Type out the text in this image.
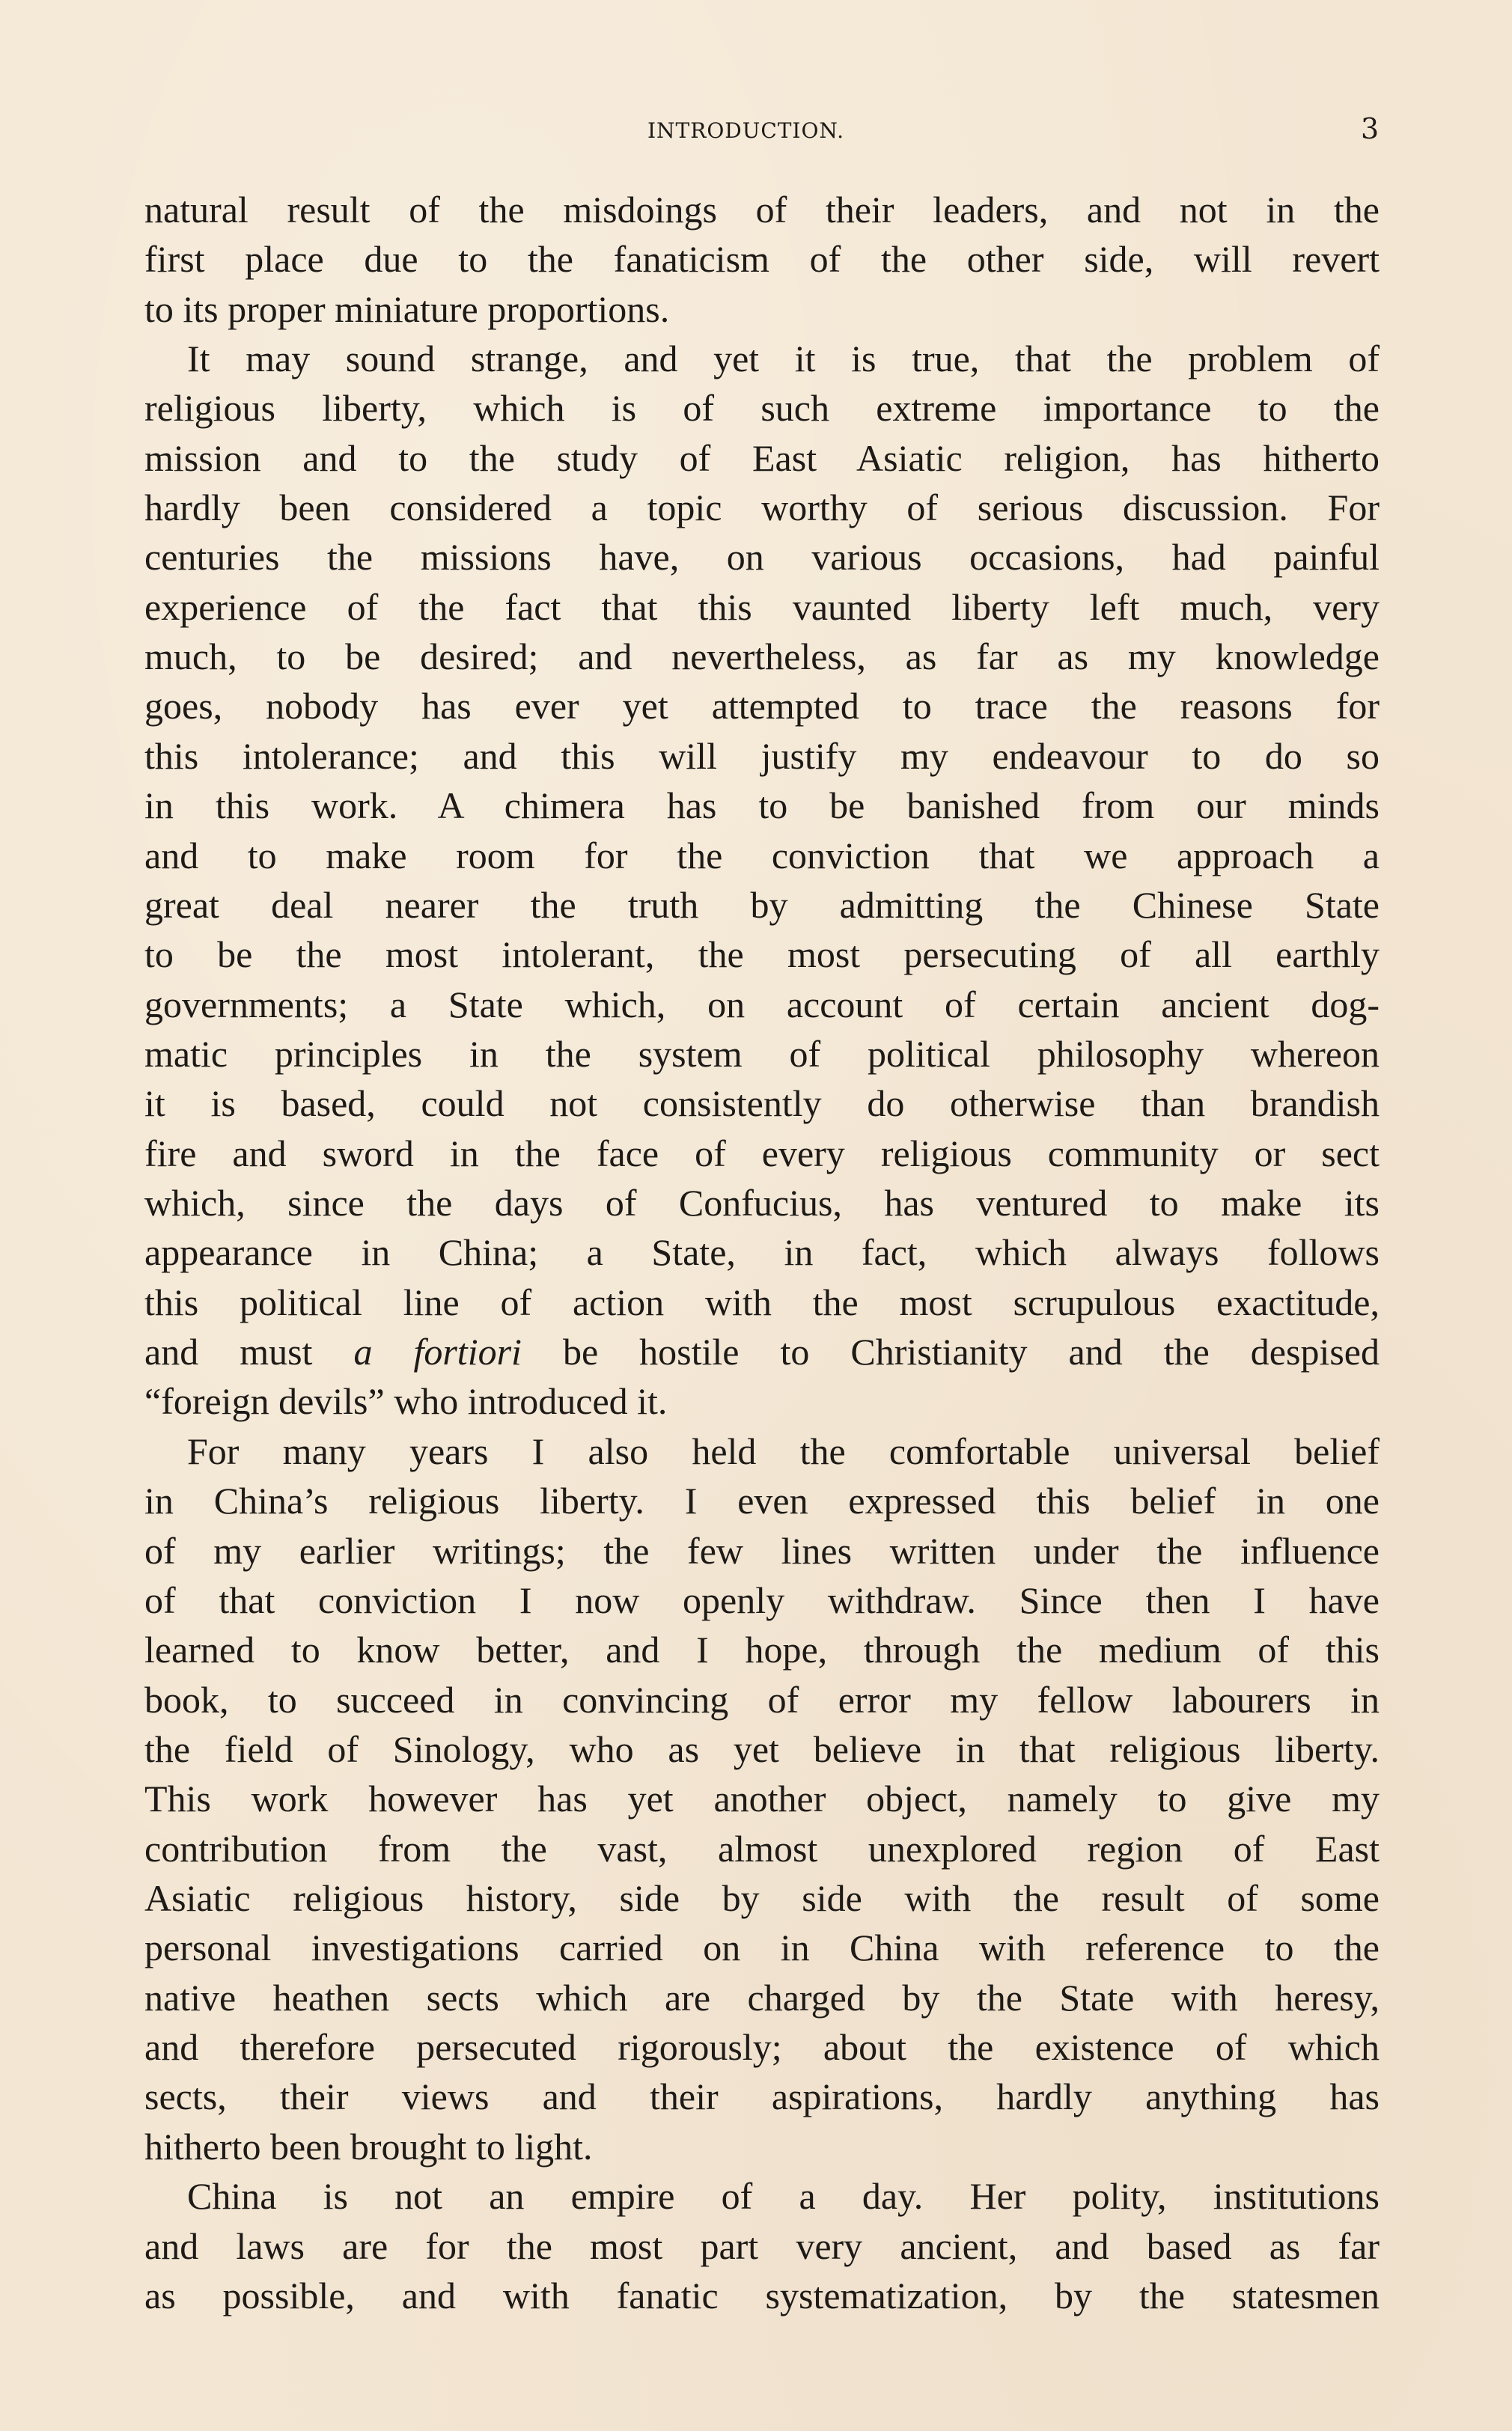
INTRODUCTION.	3
natural result of the misdoings of their leaders, and not in the
first place due to the fanaticism of the other side, will revert
to its proper miniature proportions.
It may sound strange, and yet it is true, that the problem of
religious liberty, which is of such extreme importance to the
mission and to the study of East Asiatic religion, has hitherto
hardly been considered a topic worthy of serious discussion. For
centuries the missions have, on various occasions, had painful
experience of the fact that this vaunted liberty left much, very
much, to be desired; and nevertheless, as far as my knowledge
goes, nobody has ever yet attempted to trace the reasons for
this intolerance; and this will justify my endeavour to do so
in this work. A chimera has to be banished from our minds
and to make room for the conviction that we approach a
great deal nearer the truth by admitting the Chinese State
to be the most intolerant, the most persecuting of all earthly
governments; a State which, on account of certain ancient dog-
matic principles in the system of political philosophy whereon
it is based, could not consistently do otherwise than brandish
fire and sword in the face of every religious community or sect
which, since the days of Confucius, has ventured to make its
appearance in China; a State, in fact, which always follows
this political line of action with the most scrupulous exactitude,
and must a fortiori be hostile to Christianity and the despised
“foreign devils” who introduced it.
For many years I also held the comfortable universal belief
in China’s religious liberty. I even expressed this belief in one
of my earlier writings; the few lines written under the influence
of that conviction I now openly withdraw. Since then I have
learned to know better, and I hope, through the medium of this
book, to succeed in convincing of error my fellow labourers in
the field of Sinology, who as yet believe in that religious liberty.
This work however has yet another object, namely to give my
contribution from the vast, almost unexplored region of East
Asiatic religious history, side by side with the result of some
personal investigations carried on in China with reference to the
native heathen sects which are charged by the State with heresy,
and therefore persecuted rigorously; about the existence of which
sects, their views and their aspirations, hardly anything has
hitherto been brought to light.
China is not an empire of a day. Her polity, institutions
and laws are for the most part very ancient, and based as far
as possible, and with fanatic systematization, by the statesmen
